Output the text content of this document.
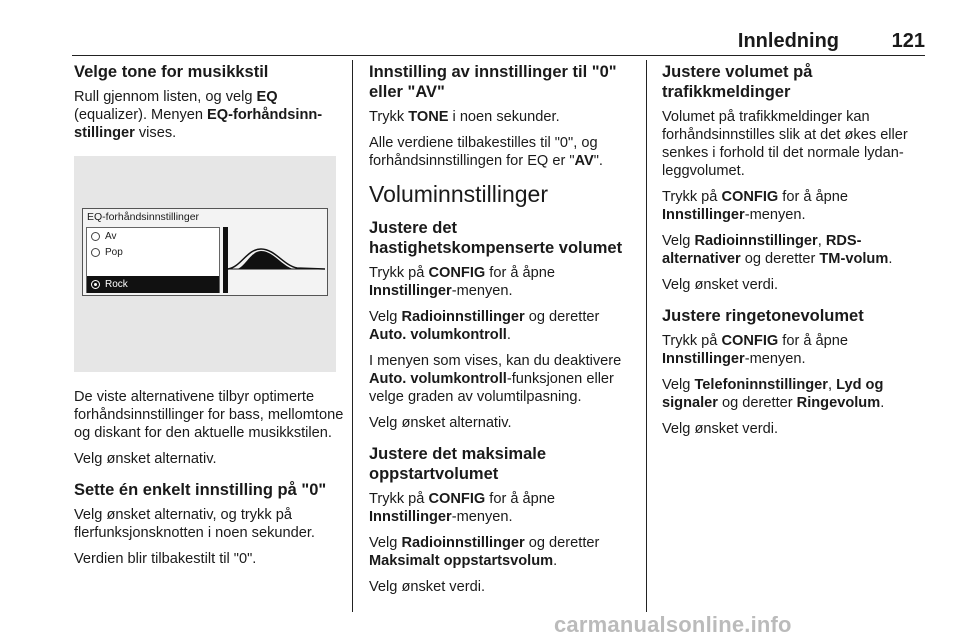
Innledning	121
Velge tone for musikkstil
Rull gjennom listen, og velg EQ (equalizer). Menyen EQ-forhåndsinnstillinger vises.
EQ-forhåndsinnstillinger
Av
Pop
Rock
De viste alternativene tilbyr optimerte forhåndsinnstillinger for bass, mellomtone og diskant for den aktuelle musikkstilen.
Velg ønsket alternativ.
Sette én enkelt innstilling på "0"
Velg ønsket alternativ, og trykk på flerfunksjonsknotten i noen sekunder.
Verdien blir tilbakestilt til "0".
Innstilling av innstillinger til "0" eller "AV"
Trykk TONE i noen sekunder.
Alle verdiene tilbakestilles til "0", og forhåndsinnstillingen for EQ er "AV".
Voluminnstillinger
Justere det hastighetskompenserte volumet
Trykk på CONFIG for å åpne Innstillinger-menyen.
Velg Radioinnstillinger og deretter Auto. volumkontroll.
I menyen som vises, kan du deaktivere Auto. volumkontroll-funksjonen eller velge graden av volumtilpasning.
Velg ønsket alternativ.
Justere det maksimale oppstartvolumet
Trykk på CONFIG for å åpne Innstillinger-menyen.
Velg Radioinnstillinger og deretter Maksimalt oppstartsvolum.
Velg ønsket verdi.
Justere volumet på trafikkmeldinger
Volumet på trafikkmeldinger kan forhåndsinnstilles slik at det økes eller senkes i forhold til det normale lydanleggvolumet.
Trykk på CONFIG for å åpne Innstillinger-menyen.
Velg Radioinnstillinger, RDS-alternativer og deretter TM-volum.
Velg ønsket verdi.
Justere ringetonevolumet
Trykk på CONFIG for å åpne Innstillinger-menyen.
Velg Telefoninnstillinger, Lyd og signaler og deretter Ringevolum.
Velg ønsket verdi.
carmanualsonline.info
